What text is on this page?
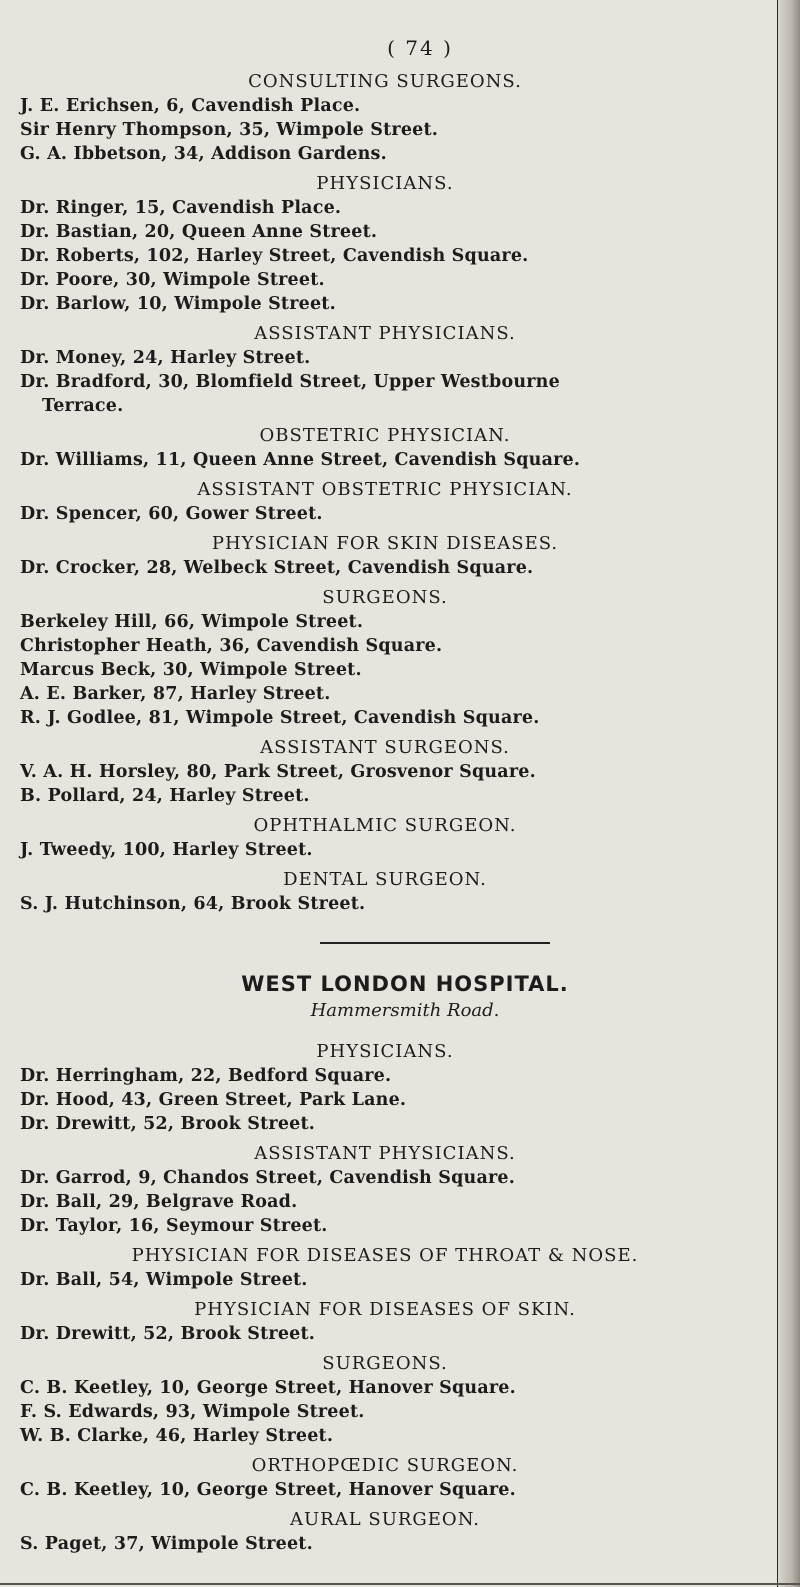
( 74 )
CONSULTING SURGEONS.
J. E. Erichsen, 6, Cavendish Place.
Sir Henry Thompson, 35, Wimpole Street.
G. A. Ibbetson, 34, Addison Gardens.
PHYSICIANS.
Dr. Ringer, 15, Cavendish Place.
Dr. Bastian, 20, Queen Anne Street.
Dr. Roberts, 102, Harley Street, Cavendish Square.
Dr. Poore, 30, Wimpole Street.
Dr. Barlow, 10, Wimpole Street.
ASSISTANT PHYSICIANS.
Dr. Money, 24, Harley Street.
Dr. Bradford, 30, Blomfield Street, Upper Westbourne
Terrace.
OBSTETRIC PHYSICIAN.
Dr. Williams, 11, Queen Anne Street, Cavendish Square.
ASSISTANT OBSTETRIC PHYSICIAN.
Dr. Spencer, 60, Gower Street.
PHYSICIAN FOR SKIN DISEASES.
Dr. Crocker, 28, Welbeck Street, Cavendish Square.
SURGEONS.
Berkeley Hill, 66, Wimpole Street.
Christopher Heath, 36, Cavendish Square.
Marcus Beck, 30, Wimpole Street.
A. E. Barker, 87, Harley Street.
R. J. Godlee, 81, Wimpole Street, Cavendish Square.
ASSISTANT SURGEONS.
V. A. H. Horsley, 80, Park Street, Grosvenor Square.
B. Pollard, 24, Harley Street.
OPHTHALMIC SURGEON.
J. Tweedy, 100, Harley Street.
DENTAL SURGEON.
S. J. Hutchinson, 64, Brook Street.
WEST LONDON HOSPITAL.
Hammersmith Road.
PHYSICIANS.
Dr. Herringham, 22, Bedford Square.
Dr. Hood, 43, Green Street, Park Lane.
Dr. Drewitt, 52, Brook Street.
ASSISTANT PHYSICIANS.
Dr. Garrod, 9, Chandos Street, Cavendish Square.
Dr. Ball, 29, Belgrave Road.
Dr. Taylor, 16, Seymour Street.
PHYSICIAN FOR DISEASES OF THROAT & NOSE.
Dr. Ball, 54, Wimpole Street.
PHYSICIAN FOR DISEASES OF SKIN.
Dr. Drewitt, 52, Brook Street.
SURGEONS.
C. B. Keetley, 10, George Street, Hanover Square.
F. S. Edwards, 93, Wimpole Street.
W. B. Clarke, 46, Harley Street.
ORTHOPŒDIC SURGEON.
C. B. Keetley, 10, George Street, Hanover Square.
AURAL SURGEON.
S. Paget, 37, Wimpole Street.
